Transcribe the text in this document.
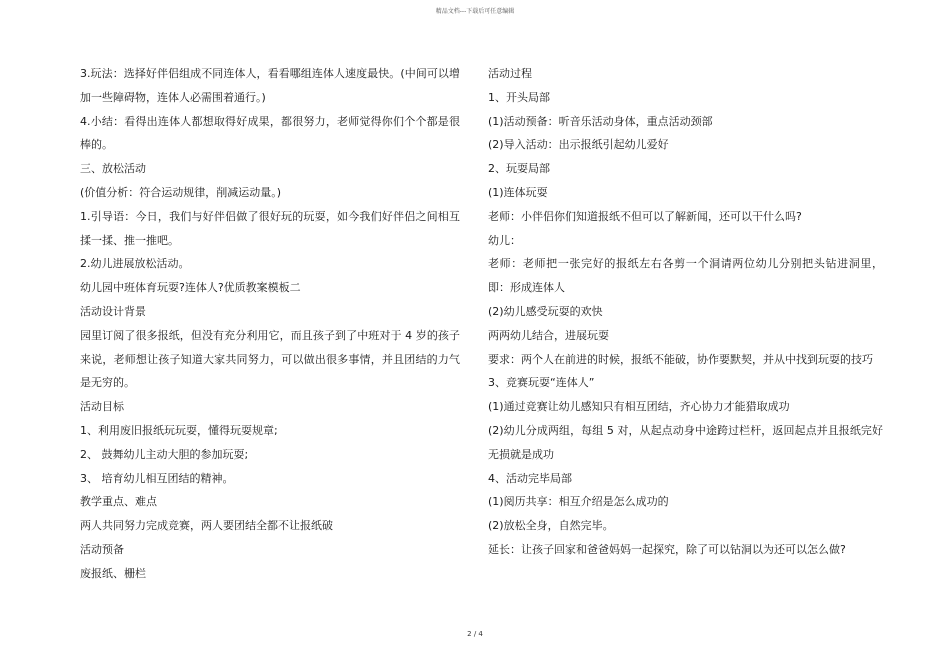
精品文档---下载后可任意编辑
3.玩法：选择好伴侣组成不同连体人，看看哪组连体人速度最快。(中间可以增加一些障碍物，连体人必需围着通行。)
4.小结：看得出连体人都想取得好成果，都很努力，老师觉得你们个个都是很棒的。
三、放松活动
(价值分析：符合运动规律，削减运动量。)
1.引导语：今日，我们与好伴侣做了很好玩的玩耍，如今我们好伴侣之间相互揉一揉、推一推吧。
2.幼儿进展放松活动。
幼儿园中班体育玩耍?连体人?优质教案模板二
活动设计背景
园里订阅了很多报纸，但没有充分利用它，而且孩子到了中班对于 4 岁的孩子来说，老师想让孩子知道大家共同努力，可以做出很多事情，并且团结的力气是无穷的。
活动目标
1、利用废旧报纸玩玩耍，懂得玩耍规章;
2、 鼓舞幼儿主动大胆的参加玩耍;
3、 培育幼儿相互团结的精神。
教学重点、难点
两人共同努力完成竞赛，两人要团结全都不让报纸破
活动预备
废报纸、栅栏
活动过程
1、开头局部
(1)活动预备：听音乐活动身体，重点活动颈部
(2)导入活动：出示报纸引起幼儿爱好
2、玩耍局部
(1)连体玩耍
老师：小伴侣你们知道报纸不但可以了解新闻，还可以干什么吗?
幼儿：
老师：老师把一张完好的报纸左右各剪一个洞请两位幼儿分别把头钻进洞里，即：形成连体人
(2)幼儿感受玩耍的欢快
两两幼儿结合，进展玩耍
要求：两个人在前进的时候，报纸不能破，协作要默契，并从中找到玩耍的技巧
3、竞赛玩耍“连体人”
(1)通过竞赛让幼儿感知只有相互团结，齐心协力才能猎取成功
(2)幼儿分成两组，每组 5 对，从起点动身中途跨过栏杆，返回起点并且报纸完好无损就是成功
4、活动完毕局部
(1)阅历共享：相互介绍是怎么成功的
(2)放松全身，自然完毕。
延长：让孩子回家和爸爸妈妈一起探究，除了可以钻洞以为还可以怎么做?
2 / 4
